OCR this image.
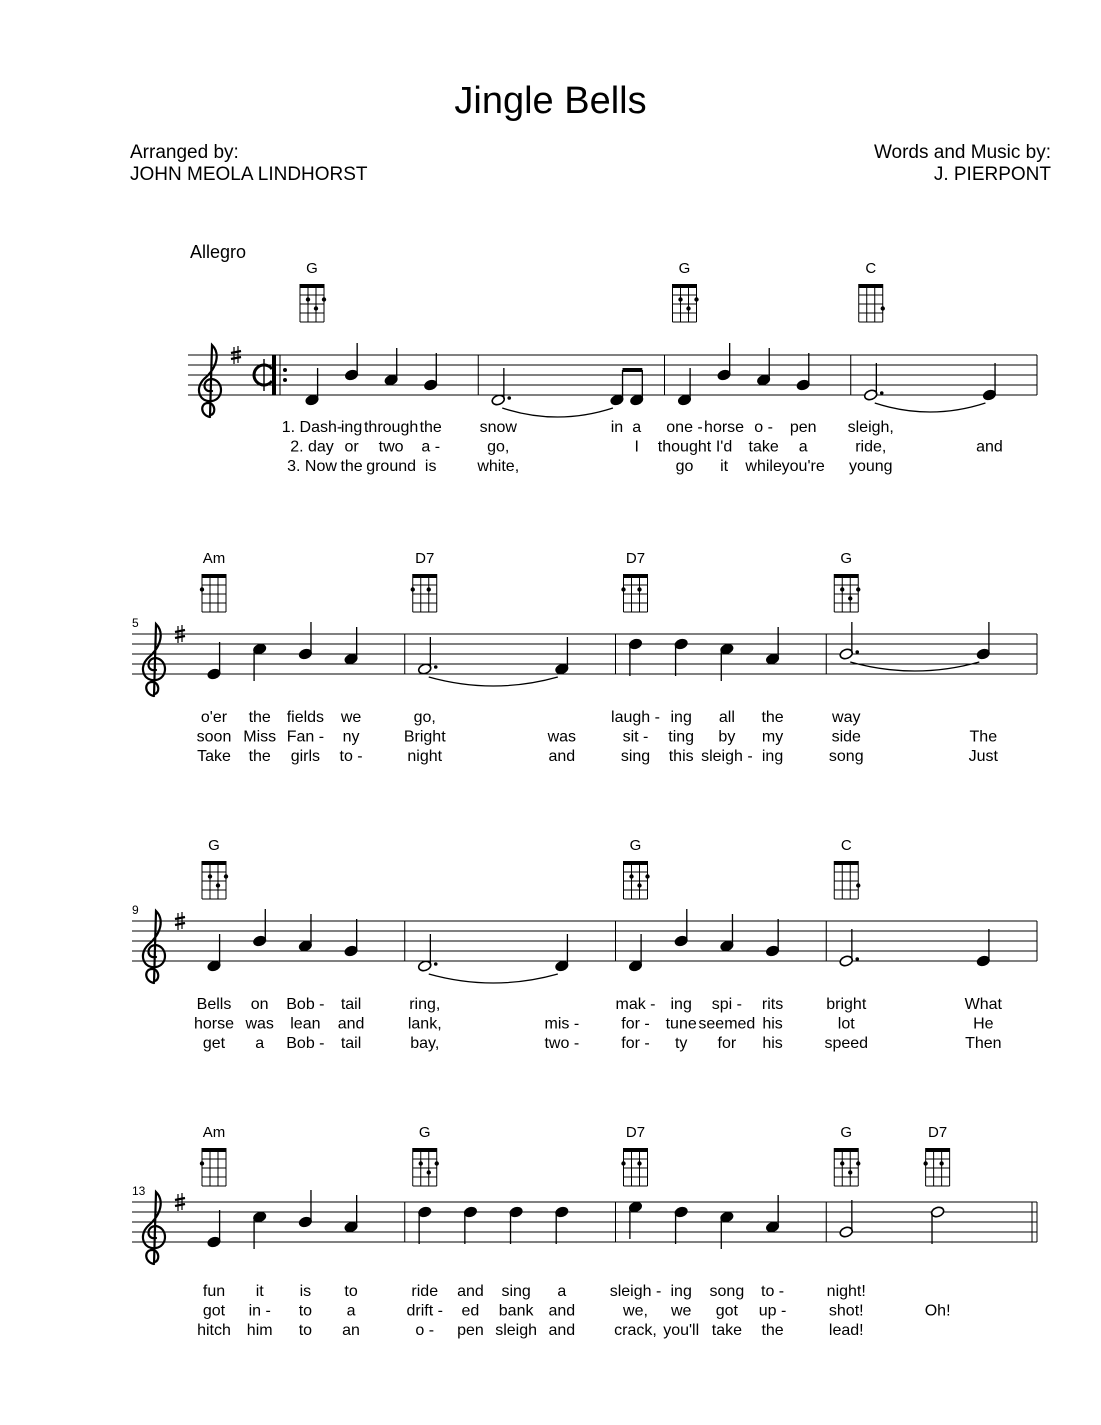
Jingle Bells
Arranged by:
JOHN MEOLA LINDHORST
Words and Music by:
J. PIERPONT
Allegro
G
1. Dash-
ing through the
2. day or two a -
3. Now the ground is
snow	in a
go,	I
white,
G
one - horse o - pen
thought I'd take a
go it while you're
C
sleigh,
ride,	and
young
5
Am
o'er the fields we
soon Miss Fan - ny
Take the girls to -
D7
go,
Bright	was
night	and
D7
laugh - ing all the
sit - ting by my
sing this sleigh - ing
G
way
side	The
song	Just
9
G
Bells on Bob - tail
horse was lean and
get a Bob - tail
ring,
lank,	mis -
bay,	two -
G
mak - ing spi - rits
for - tune seemed his
for - ty for his
C
bright	What
lot	He
speed	Then
13
Am
fun it is to
got in - to a
hitch him to an
G
ride and sing a
drift - ed bank and
o - pen sleigh and
D7
sleigh - ing song to -
we, we got up -
crack, you'll take the
G	D7
night!
shot!	Oh!
lead!
